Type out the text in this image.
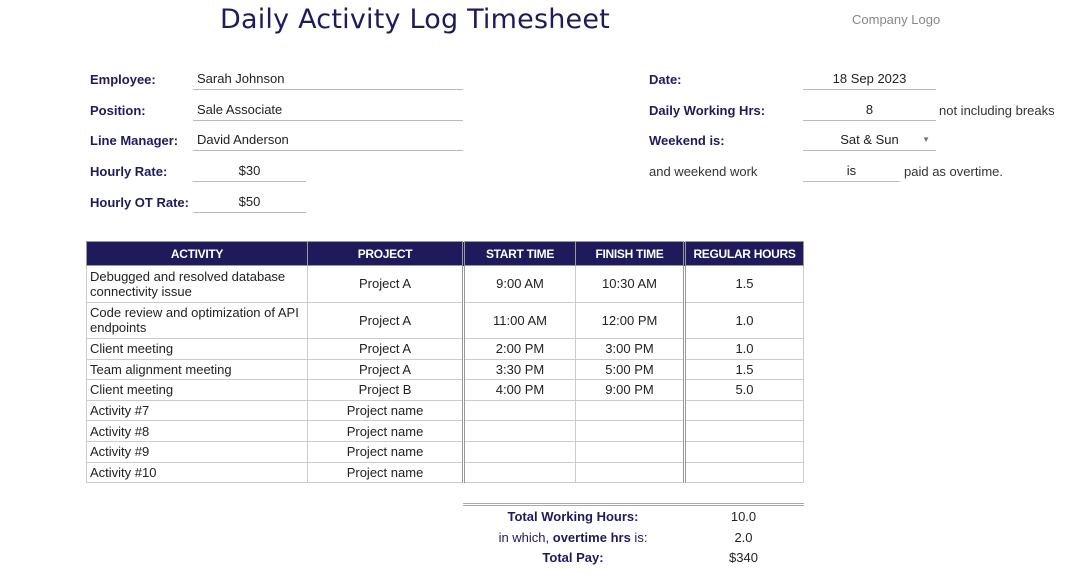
Daily Activity Log Timesheet	Company Logo
Employee:	Sarah Johnson
Position:	Sale Associate
Line Manager:	David Anderson
Hourly Rate:	$30
Hourly OT Rate:	$50
Date:	18 Sep 2023
Daily Working Hrs:	8	not including breaks
Weekend is:	Sat & Sun	▼
and weekend work	is	paid as overtime.
ACTIVITY	PROJECT	START TIME	FINISH TIME	REGULAR HOURS
Debugged and resolved database connectivity issue	Project A	9:00 AM	10:30 AM	1.5
Code review and optimization of API endpoints	Project A	11:00 AM	12:00 PM	1.0
Client meeting	Project A	2:00 PM	3:00 PM	1.0
Team alignment meeting	Project A	3:30 PM	5:00 PM	1.5
Client meeting	Project B	4:00 PM	9:00 PM	5.0
Activity #7	Project name			
Activity #8	Project name			
Activity #9	Project name			
Activity #10	Project name			
Total Working Hours:	10.0
in which, overtime hrs is:	2.0
Total Pay:	$340
